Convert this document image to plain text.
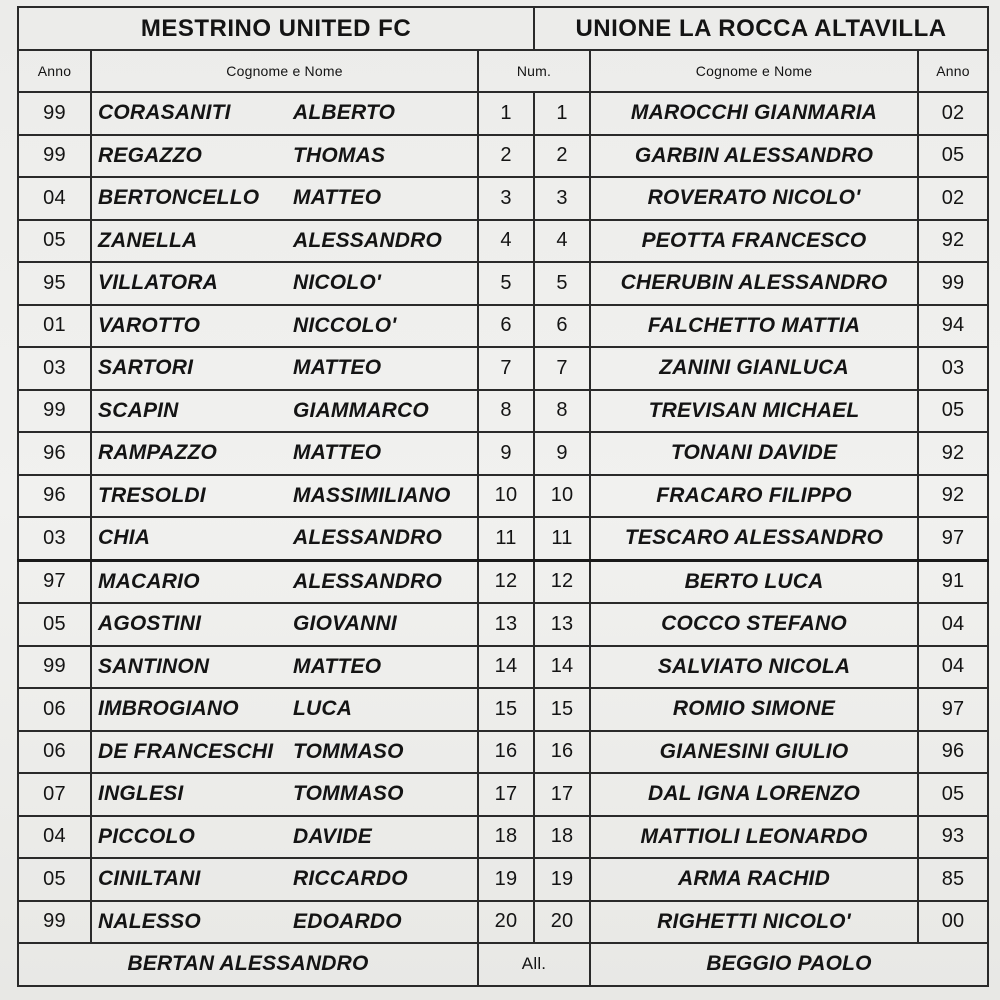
MESTRINO UNITED FC				UNIONE LA ROCCA ALTAVILLA		
Anno	Cognome e Nome		Num.		Cognome e Nome	Anno
99	CORASANITI	ALBERTO	1	1	MAROCCHI GIANMARIA	02
99	REGAZZO	THOMAS	2	2	GARBIN ALESSANDRO	05
04	BERTONCELLO	MATTEO	3	3	ROVERATO NICOLO'	02
05	ZANELLA	ALESSANDRO	4	4	PEOTTA FRANCESCO	92
95	VILLATORA	NICOLO'	5	5	CHERUBIN ALESSANDRO	99
01	VAROTTO	NICCOLO'	6	6	FALCHETTO MATTIA	94
03	SARTORI	MATTEO	7	7	ZANINI GIANLUCA	03
99	SCAPIN	GIAMMARCO	8	8	TREVISAN MICHAEL	05
96	RAMPAZZO	MATTEO	9	9	TONANI DAVIDE	92
96	TRESOLDI	MASSIMILIANO	10	10	FRACARO FILIPPO	92
03	CHIA	ALESSANDRO	11	11	TESCARO ALESSANDRO	97
97	MACARIO	ALESSANDRO	12	12	BERTO LUCA	91
05	AGOSTINI	GIOVANNI	13	13	COCCO STEFANO	04
99	SANTINON	MATTEO	14	14	SALVIATO NICOLA	04
06	IMBROGIANO	LUCA	15	15	ROMIO SIMONE	97
06	DE FRANCESCHI	TOMMASO	16	16	GIANESINI GIULIO	96
07	INGLESI	TOMMASO	17	17	DAL IGNA LORENZO	05
04	PICCOLO	DAVIDE	18	18	MATTIOLI LEONARDO	93
05	CINILTANI	RICCARDO	19	19	ARMA RACHID	85
99	NALESSO	EDOARDO	20	20	RIGHETTI NICOLO'	00
BERTAN ALESSANDRO			All.		BEGGIO PAOLO	
